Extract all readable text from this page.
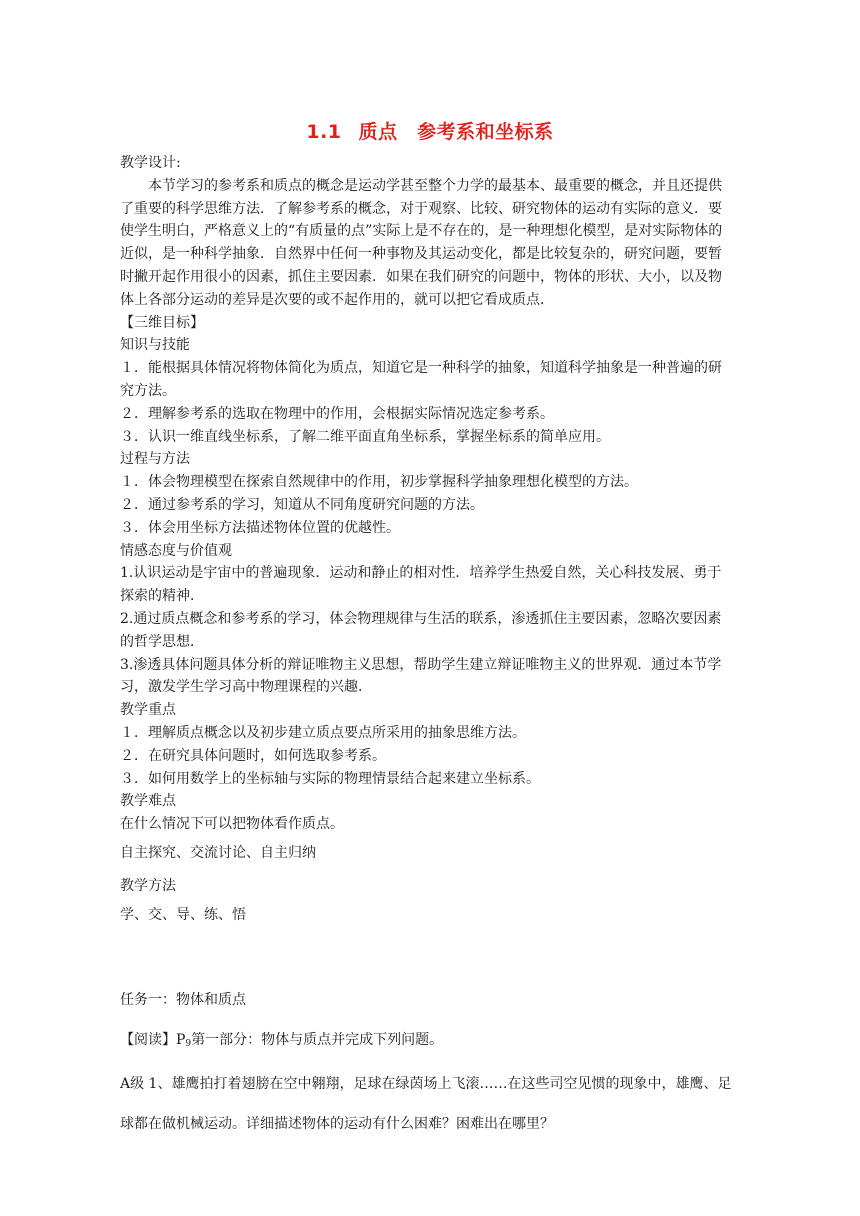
1.1 质点　参考系和坐标系

教学设计:

本节学习的参考系和质点的概念是运动学甚至整个力学的最基本、最重要的概念，并且还提供了重要的科学思维方法．了解参考系的概念，对于观察、比较、研究物体的运动有实际的意义．要使学生明白，严格意义上的“有质量的点”实际上是不存在的，是一种理想化模型，是对实际物体的近似，是一种科学抽象．自然界中任何一种事物及其运动变化，都是比较复杂的，研究问题，要暂时撇开起作用很小的因素，抓住主要因素．如果在我们研究的问题中，物体的形状、大小，以及物体上各部分运动的差异是次要的或不起作用的，就可以把它看成质点．

【三维目标】

知识与技能

１．能根据具体情况将物体简化为质点，知道它是一种科学的抽象，知道科学抽象是一种普遍的研究方法。

２．理解参考系的选取在物理中的作用，会根据实际情况选定参考系。

３．认识一维直线坐标系，了解二维平面直角坐标系，掌握坐标系的简单应用。

过程与方法

１．体会物理模型在探索自然规律中的作用，初步掌握科学抽象理想化模型的方法。

２．通过参考系的学习，知道从不同角度研究问题的方法。

３．体会用坐标方法描述物体位置的优越性。

情感态度与价值观

1.认识运动是宇宙中的普遍现象．运动和静止的相对性．培养学生热爱自然，关心科技发展、勇于探索的精神．

2.通过质点概念和参考系的学习，体会物理规律与生活的联系，渗透抓住主要因素，忽略次要因素的哲学思想．

3.渗透具体问题具体分析的辩证唯物主义思想，帮助学生建立辩证唯物主义的世界观．通过本节学习，激发学生学习高中物理课程的兴趣．

教学重点

１．理解质点概念以及初步建立质点要点所采用的抽象思维方法。

２．在研究具体问题时，如何选取参考系。

３．如何用数学上的坐标轴与实际的物理情景结合起来建立坐标系。

教学难点

在什么情况下可以把物体看作质点。

自主探究、交流讨论、自主归纳

教学方法

学、交、导、练、悟

任务一：物体和质点

【阅读】$P_9$第一部分：物体与质点并完成下列问题。

A级 1、雄鹰拍打着翅膀在空中翱翔，足球在绿茵场上飞滚……在这些司空见惯的现象中，雄鹰、足球都在做机械运动。详细描述物体的运动有什么困难？困难出在哪里？
